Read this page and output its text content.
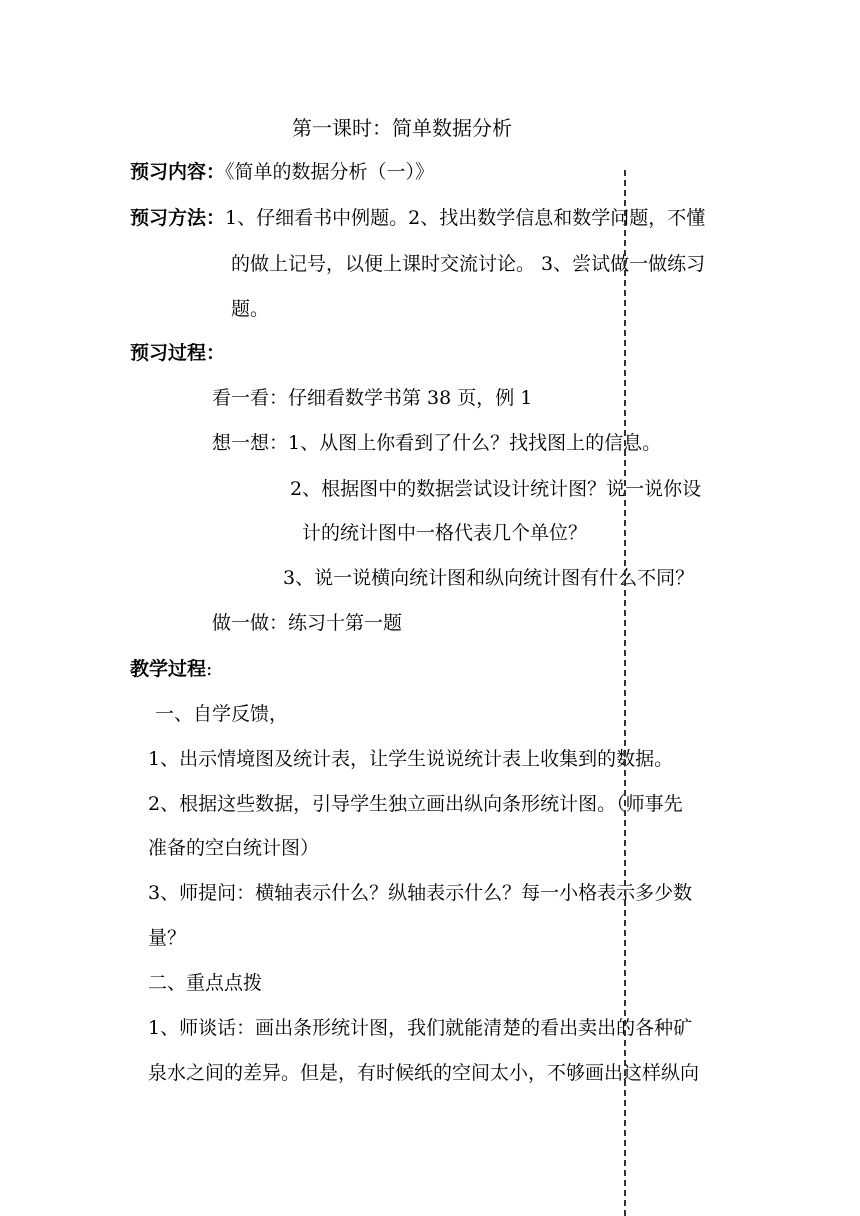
第一课时：简单数据分析
预习内容：《简单的数据分析（一）》
预习方法：1、仔细看书中例题。2、找出数学信息和数学问题，不懂
的做上记号，以便上课时交流讨论。 3、尝试做一做练习
题。
预习过程：
看一看：仔细看数学书第 38 页，例 1
想一想：1、从图上你看到了什么？找找图上的信息。
2、根据图中的数据尝试设计统计图？说一说你设
计的统计图中一格代表几个单位？
3、说一说横向统计图和纵向统计图有什么不同？
做一做：练习十第一题
教学过程:
一、自学反馈，
1、出示情境图及统计表，让学生说说统计表上收集到的数据。
2、根据这些数据，引导学生独立画出纵向条形统计图。（师事先
准备的空白统计图）
3、师提问：横轴表示什么？纵轴表示什么？每一小格表示多少数
量？
二、重点点拨
1、师谈话：画出条形统计图，我们就能清楚的看出卖出的各种矿
泉水之间的差异。但是，有时候纸的空间太小，不够画出这样纵向
